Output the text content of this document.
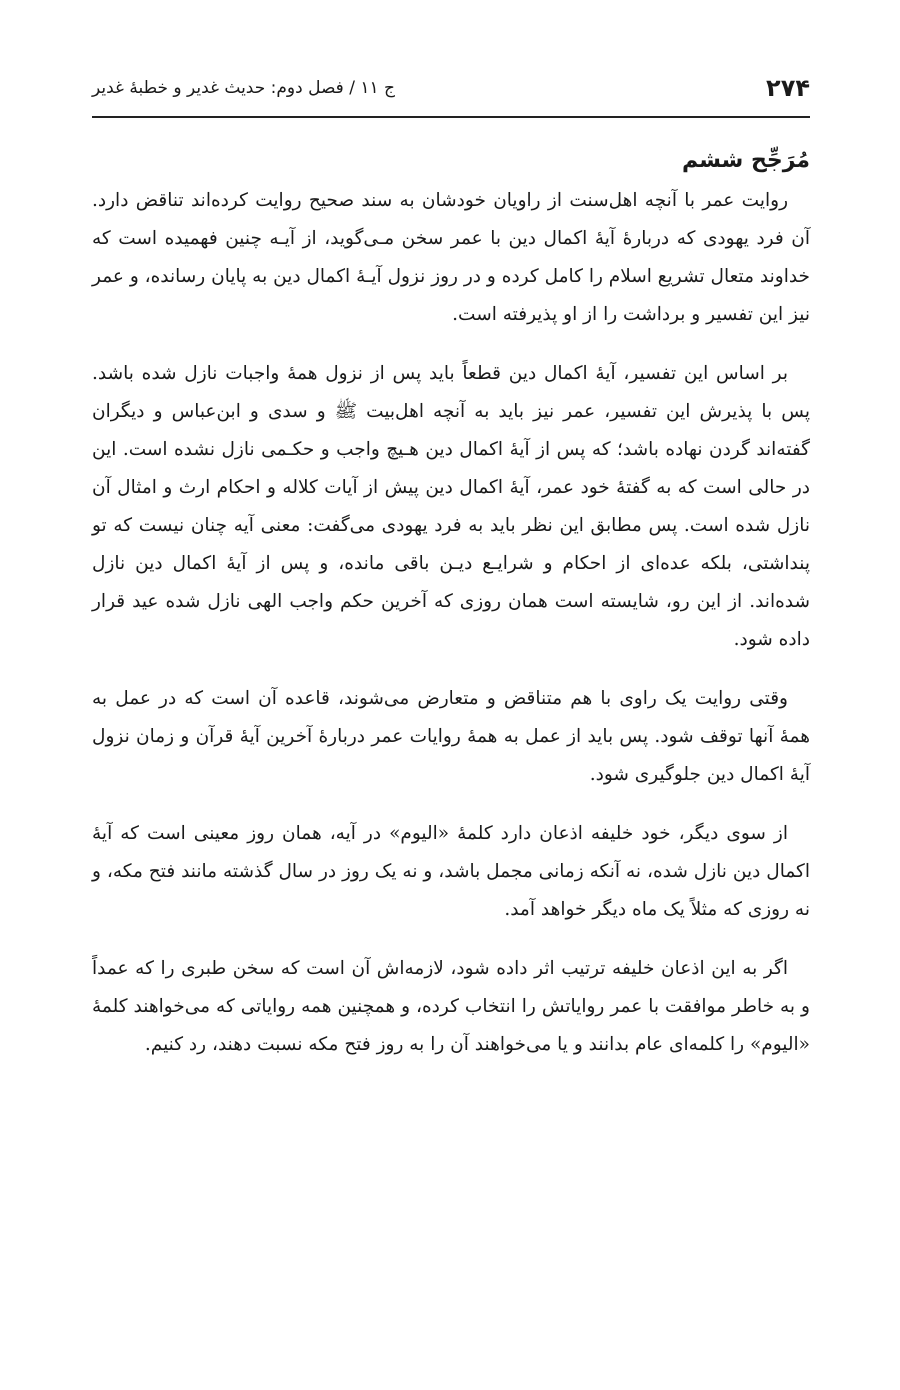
۲۷۴
ج ۱۱ / فصل دوم: حدیث غدیر و خطبهٔ غدیر
مُرَجِّح ششم

روایت عمر با آنچه اهل‌سنت از راویان خودشان به سند صحیح روایت کرده‌اند تناقض دارد. آن فرد یهودی که دربارهٔ آیهٔ اکمال دین با عمر سخن مـی‌گوید، از آیـه چنین فهمیده است که خداوند متعال تشریع اسلام را کامل کرده و در روز نزول آیـهٔ اکمال دین به پایان رسانده، و عمر نیز این تفسیر و برداشت را از او پذیرفته است.

بر اساس این تفسیر، آیهٔ اکمال دین قطعاً باید پس از نزول همهٔ واجبات نازل شده باشد. پس با پذیرش این تفسیر، عمر نیز باید به آنچه اهل‌بیت ﷺ و سدی و ابن‌عباس و دیگران گفته‌اند گردن نهاده باشد؛ که پس از آیهٔ اکمال دین هـیچ واجب و حکـمی نازل نشده است. این در حالی است که به گفتهٔ خود عمر، آیهٔ اکمال دین پیش از آیات کلاله و احکام ارث و امثال آن نازل شده است. پس مطابق این نظر باید به فرد یهودی می‌گفت: معنی آیه چنان نیست که تو پنداشتی، بلکه عده‌ای از احکام و شرایـع دیـن باقی مانده، و پس از آیهٔ اکمال دین نازل شده‌اند. از این رو، شایسته است همان روزی که آخرین حکم واجب الهی نازل شده عید قرار داده شود.

وقتی روایت یک راوی با هم متناقض و متعارض می‌شوند، قاعده آن است که در عمل به همهٔ آنها توقف شود. پس باید از عمل به همهٔ روایات عمر دربارهٔ آخرین آیهٔ قرآن و زمان نزول آیهٔ اکمال دین جلوگیری شود.

از سوی دیگر، خود خلیفه اذعان دارد کلمهٔ «الیوم» در آیه، همان روز معینی است که آیهٔ اکمال دین نازل شده، نه آنکه زمانی مجمل باشد، و نه یک روز در سال گذشته مانند فتح مکه، و نه روزی که مثلاً یک ماه دیگر خواهد آمد.

اگر به این اذعان خلیفه ترتیب اثر داده شود، لازمه‌اش آن است که سخن طبری را که عمداً و به خاطر موافقت با عمر روایاتش را انتخاب کرده، و همچنین همه روایاتی که می‌خواهند کلمهٔ «الیوم» را کلمه‌ای عام بدانند و یا می‌خواهند آن را به روز فتح مکه نسبت دهند، رد کنیم.
